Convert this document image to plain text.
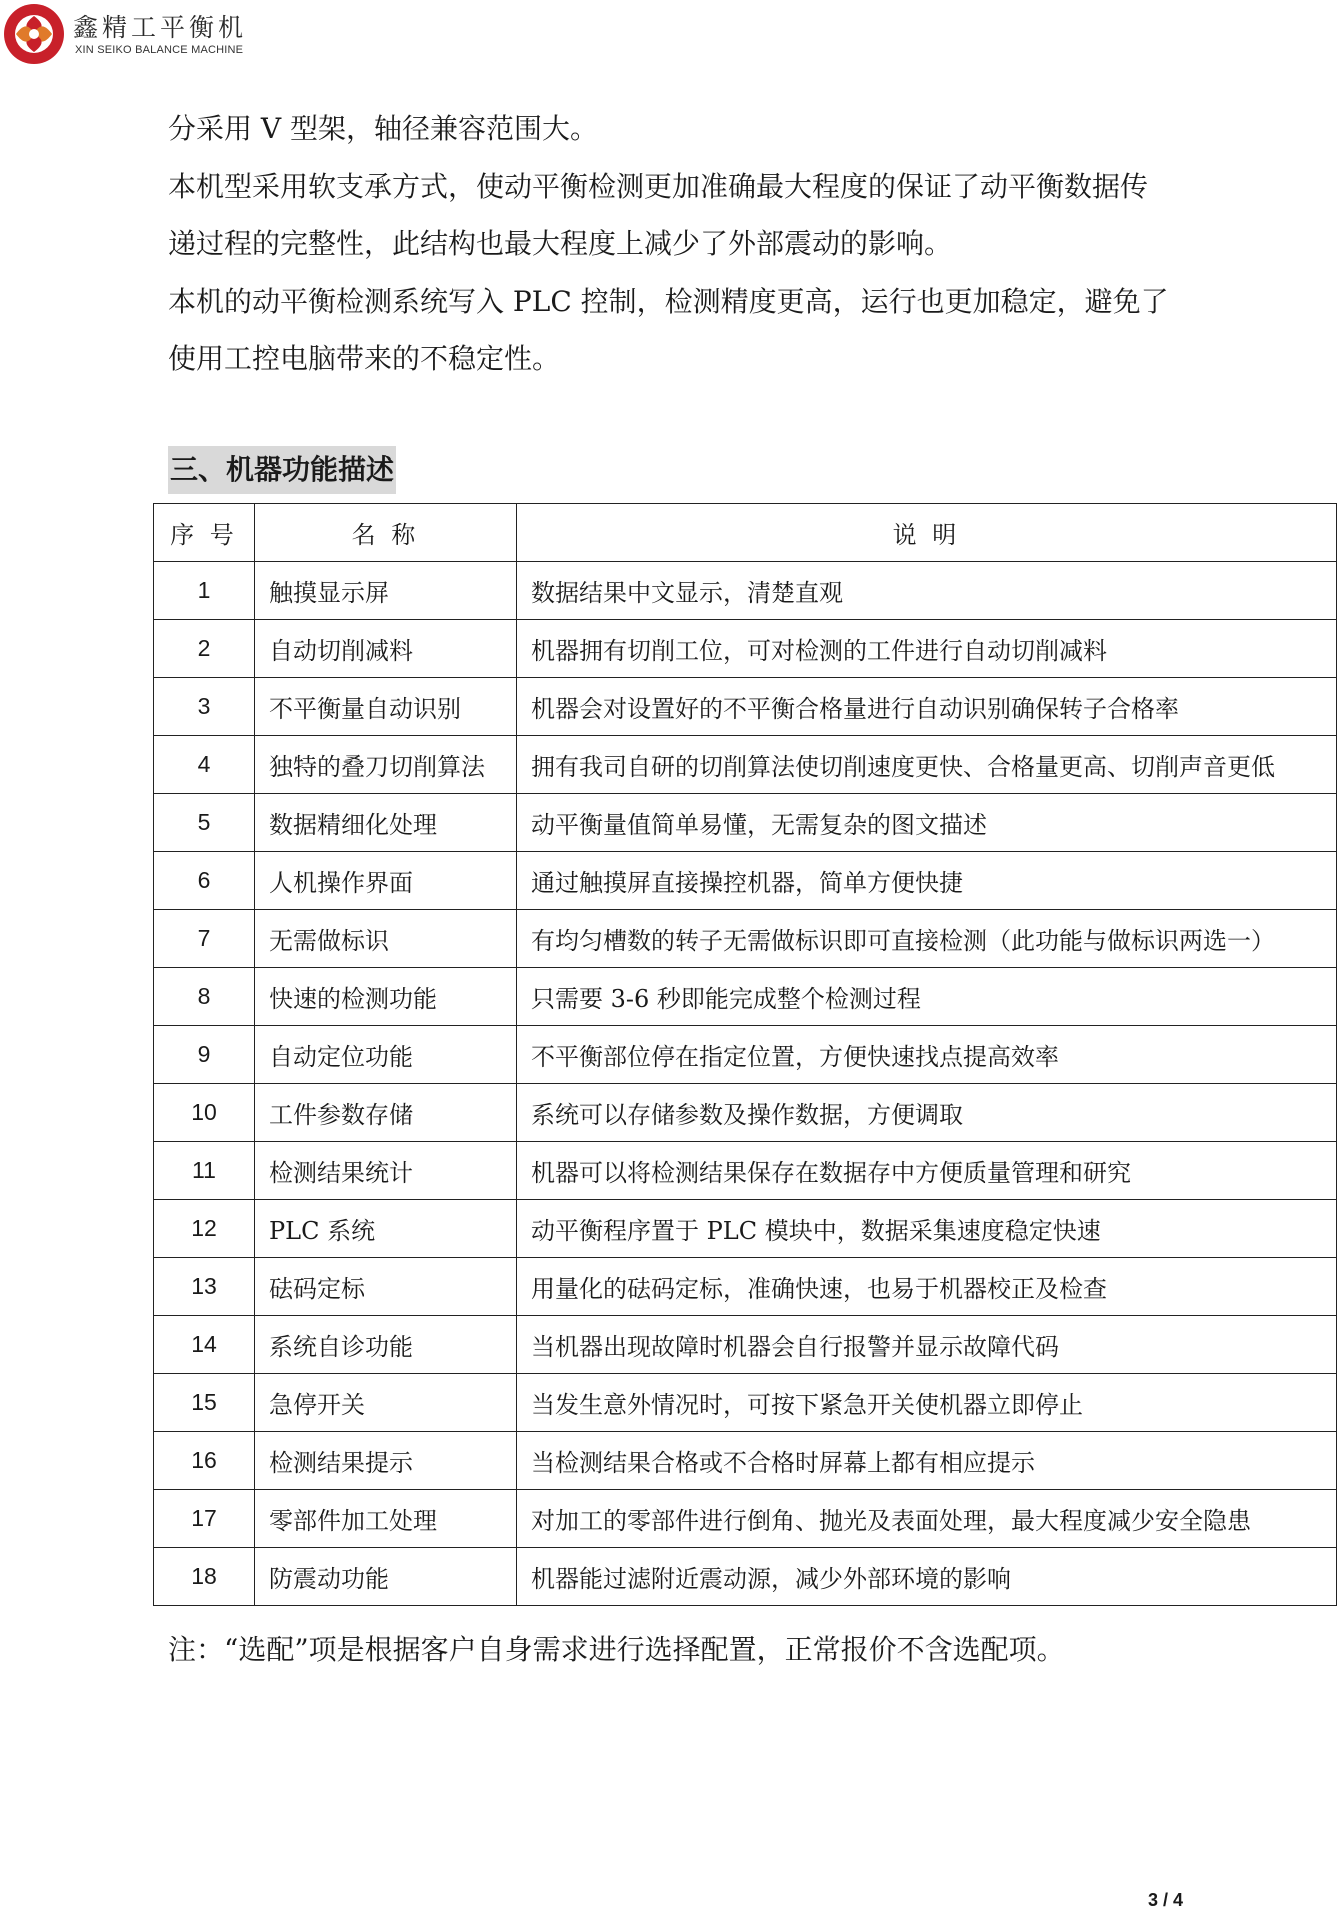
鑫精工平衡机
XIN SEIKO BALANCE MACHINE

分采用 V 型架，轴径兼容范围大。

本机型采用软支承方式，使动平衡检测更加准确最大程度的保证了动平衡数据传

递过程的完整性，此结构也最大程度上减少了外部震动的影响。

本机的动平衡检测系统写入 PLC 控制，检测精度更高，运行也更加稳定，避免了

使用工控电脑带来的不稳定性。

三、机器功能描述
序 号	名 称	说 明
1	触摸显示屏	数据结果中文显示，清楚直观
2	自动切削减料	机器拥有切削工位，可对检测的工件进行自动切削减料
3	不平衡量自动识别	机器会对设置好的不平衡合格量进行自动识别确保转子合格率
4	独特的叠刀切削算法	拥有我司自研的切削算法使切削速度更快、合格量更高、切削声音更低
5	数据精细化处理	动平衡量值简单易懂，无需复杂的图文描述
6	人机操作界面	通过触摸屏直接操控机器，简单方便快捷
7	无需做标识	有均匀槽数的转子无需做标识即可直接检测（此功能与做标识两选一）
8	快速的检测功能	只需要 3-6 秒即能完成整个检测过程
9	自动定位功能	不平衡部位停在指定位置，方便快速找点提高效率
10	工件参数存储	系统可以存储参数及操作数据，方便调取
11	检测结果统计	机器可以将检测结果保存在数据存中方便质量管理和研究
12	PLC 系统	动平衡程序置于 PLC 模块中，数据采集速度稳定快速
13	砝码定标	用量化的砝码定标，准确快速，也易于机器校正及检查
14	系统自诊功能	当机器出现故障时机器会自行报警并显示故障代码
15	急停开关	当发生意外情况时，可按下紧急开关使机器立即停止
16	检测结果提示	当检测结果合格或不合格时屏幕上都有相应提示
17	零部件加工处理	对加工的零部件进行倒角、抛光及表面处理，最大程度减少安全隐患
18	防震动功能	机器能过滤附近震动源，减少外部环境的影响
注：“选配”项是根据客户自身需求进行选择配置，正常报价不含选配项。
3 / 4
